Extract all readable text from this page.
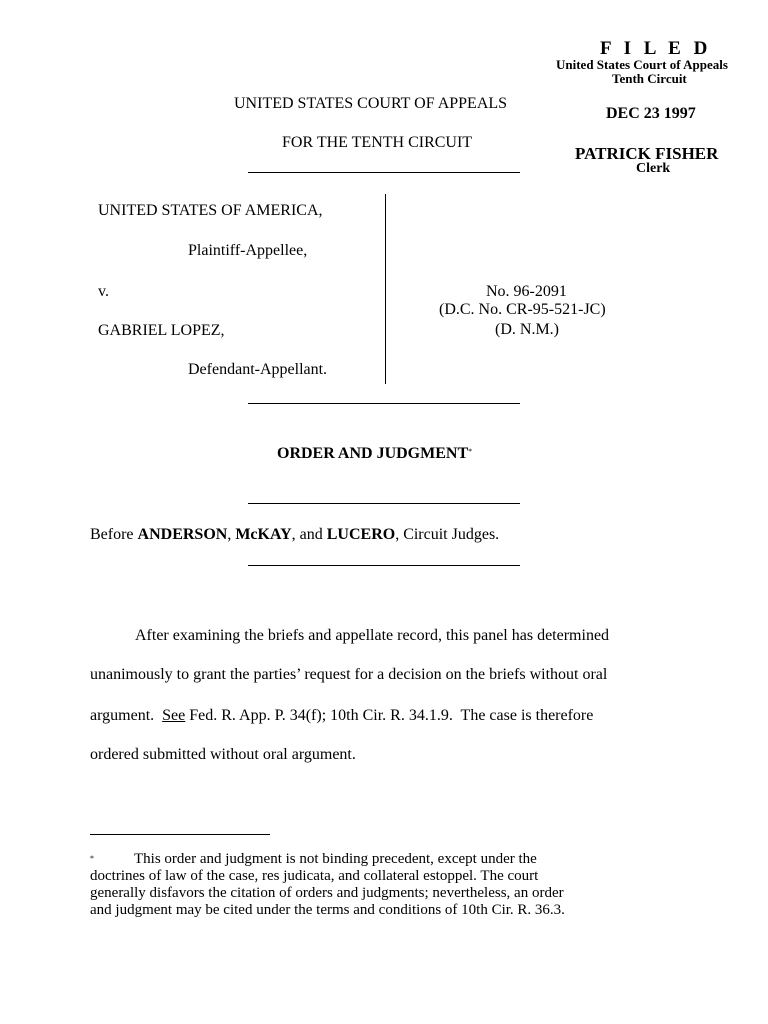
F I L E D
United States Court of Appeals
Tenth Circuit
DEC 23 1997
PATRICK FISHER
Clerk
UNITED STATES COURT OF APPEALS
FOR THE TENTH CIRCUIT
UNITED STATES OF AMERICA,
Plaintiff-Appellee,
v.
GABRIEL LOPEZ,
Defendant-Appellant.
No. 96-2091
(D.C. No. CR-95-521-JC)
(D. N.M.)
ORDER AND JUDGMENT*
Before ANDERSON, McKAY, and LUCERO, Circuit Judges.
After examining the briefs and appellate record, this panel has determined
unanimously to grant the parties’ request for a decision on the briefs without oral
argument.  See Fed. R. App. P. 34(f); 10th Cir. R. 34.1.9.  The case is therefore
ordered submitted without oral argument.
*	This order and judgment is not binding precedent, except under the
doctrines of law of the case, res judicata, and collateral estoppel. The court
generally disfavors the citation of orders and judgments; nevertheless, an order
and judgment may be cited under the terms and conditions of 10th Cir. R. 36.3.
